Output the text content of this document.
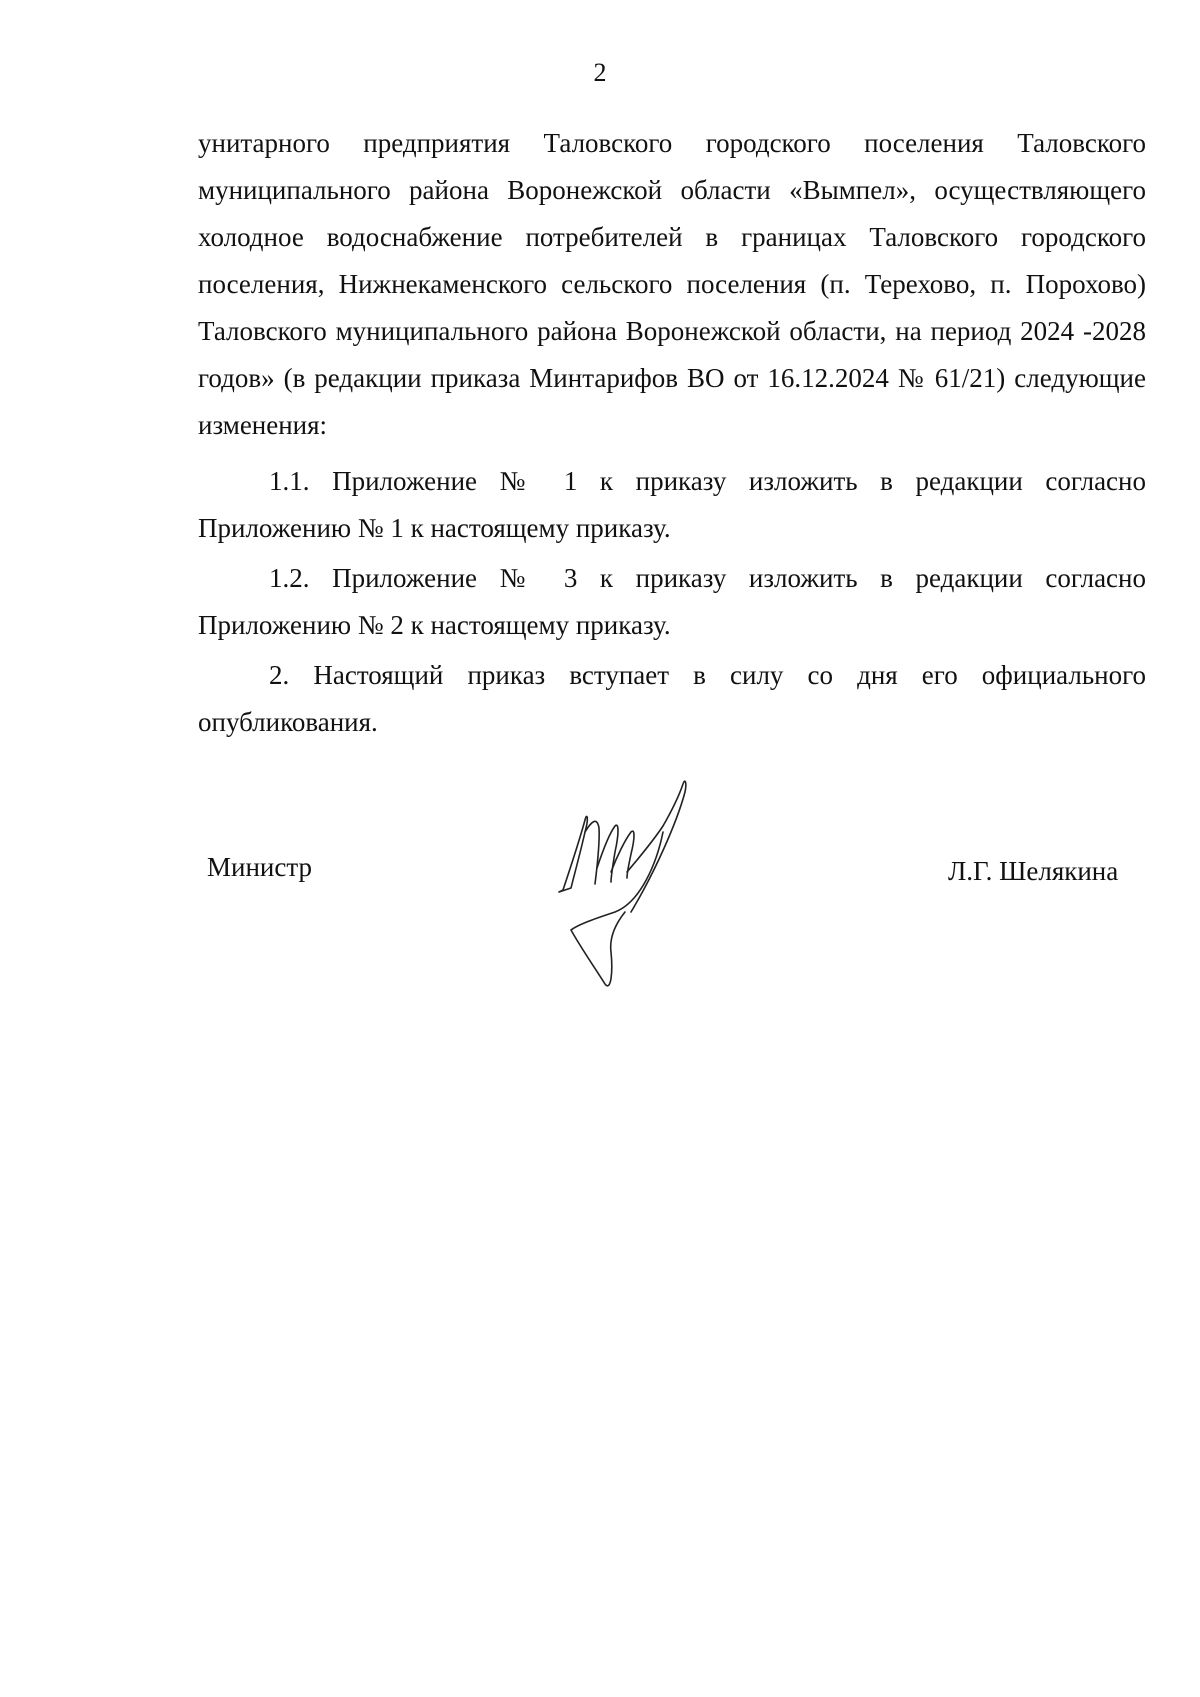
2
унитарного предприятия Таловского городского поселения Таловского муниципального района Воронежской области «Вымпел», осуществляющего холодное водоснабжение потребителей в границах Таловского городского поселения, Нижнекаменского сельского поселения (п. Терехово, п. Порохово) Таловского муниципального района Воронежской области, на период 2024 -2028 годов» (в редакции приказа Минтарифов ВО от 16.12.2024 № 61/21) следующие изменения:
1.1. Приложение № 1 к приказу изложить в редакции согласно Приложению № 1 к настоящему приказу.
1.2. Приложение № 3 к приказу изложить в редакции согласно Приложению № 2 к настоящему приказу.
2. Настоящий приказ вступает в силу со дня его официального опубликования.
Министр	Л.Г. Шелякина
